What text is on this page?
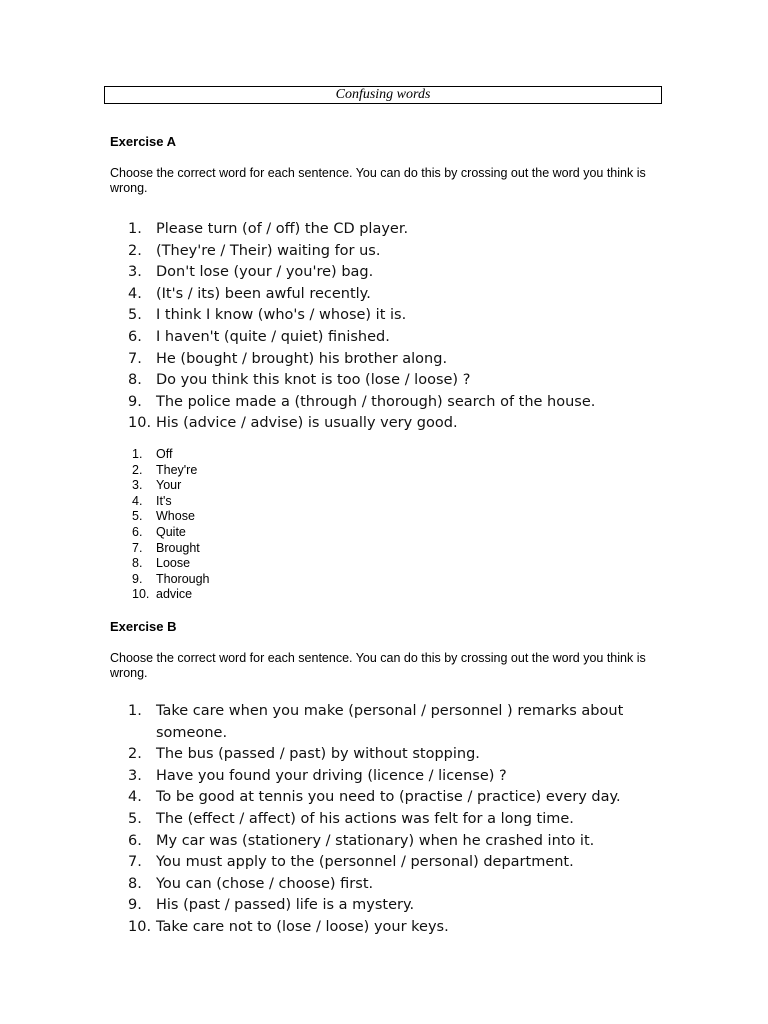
Confusing words
Exercise A
Choose the correct word for each sentence. You can do this by crossing out the word you think is wrong.
1. Please turn (of / off) the CD player.
2. (They're / Their) waiting for us.
3. Don't lose (your / you're) bag.
4. (It's / its) been awful recently.
5. I think I know (who's / whose) it is.
6. I haven't (quite / quiet) finished.
7. He (bought / brought) his brother along.
8. Do you think this knot is too (lose / loose) ?
9. The police made a (through / thorough) search of the house.
10. His (advice / advise) is usually very good.
1.	Off
2.	They're
3.	Your
4.	It's
5.	Whose
6.	Quite
7.	Brought
8.	Loose
9.	Thorough
10. advice
Exercise B
Choose the correct word for each sentence. You can do this by crossing out the word you think is wrong.
1. Take care when you make (personal / personnel ) remarks about someone.
2. The bus (passed / past) by without stopping.
3. Have you found your driving (licence / license) ?
4. To be good at tennis you need to (practise / practice) every day.
5. The (effect / affect) of his actions was felt for a long time.
6. My car was (stationery / stationary) when he crashed into it.
7. You must apply to the (personnel / personal) department.
8. You can (chose / choose) first.
9. His (past / passed) life is a mystery.
10. Take care not to (lose / loose) your keys.
